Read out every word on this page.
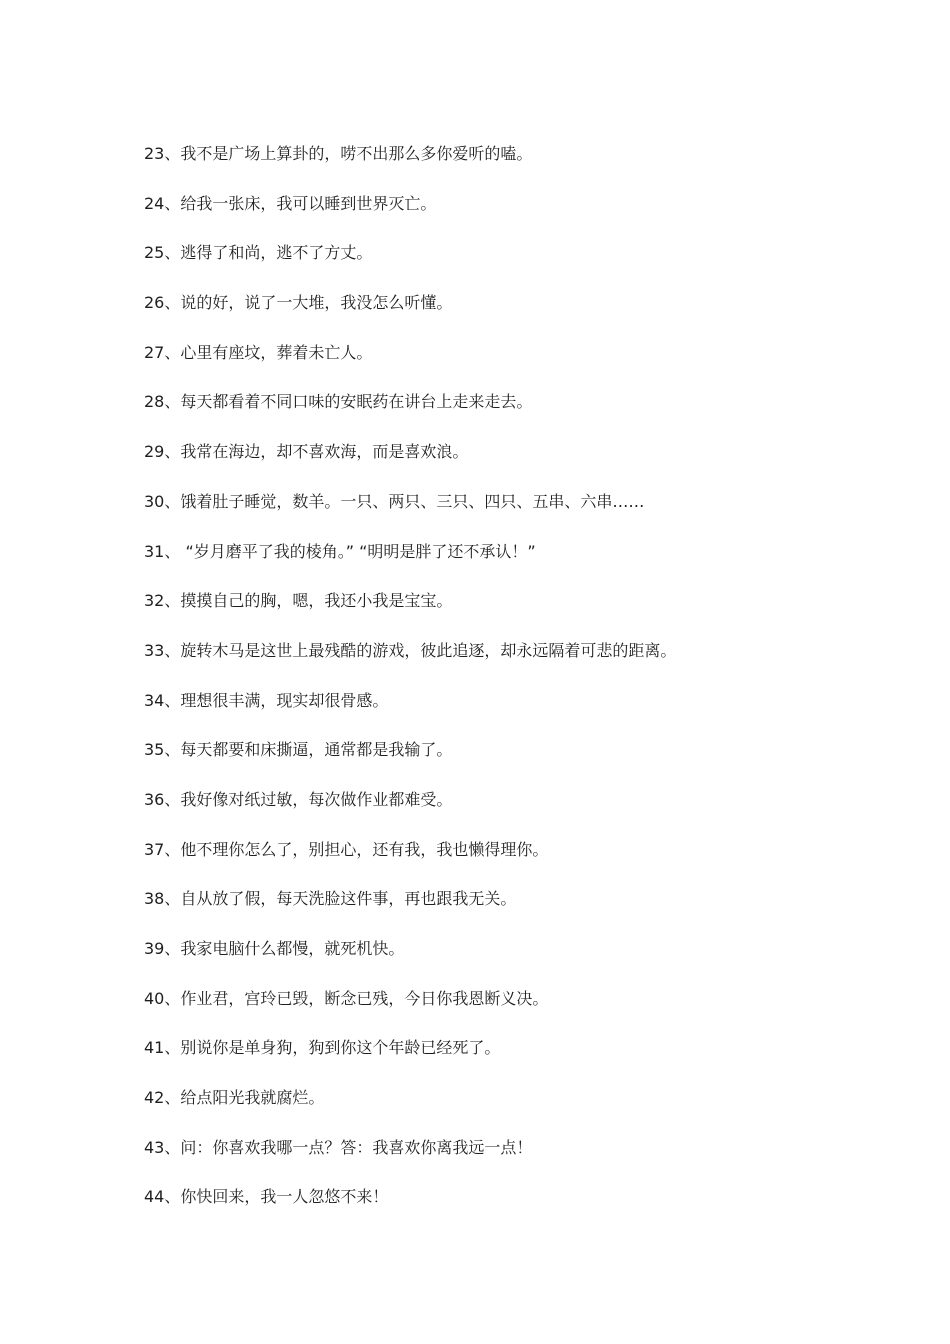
23、我不是广场上算卦的，唠不出那么多你爱听的嗑。
24、给我一张床，我可以睡到世界灭亡。
25、逃得了和尚，逃不了方丈。
26、说的好，说了一大堆，我没怎么听懂。
27、心里有座坟，葬着未亡人。
28、每天都看着不同口味的安眠药在讲台上走来走去。
29、我常在海边，却不喜欢海，而是喜欢浪。
30、饿着肚子睡觉，数羊。一只、两只、三只、四只、五串、六串……
31、 “岁月磨平了我的棱角。” “明明是胖了还不承认！”
32、摸摸自己的胸，嗯，我还小我是宝宝。
33、旋转木马是这世上最残酷的游戏，彼此追逐，却永远隔着可悲的距离。
34、理想很丰满，现实却很骨感。
35、每天都要和床撕逼，通常都是我输了。
36、我好像对纸过敏，每次做作业都难受。
37、他不理你怎么了，别担心，还有我，我也懒得理你。
38、自从放了假，每天洗脸这件事，再也跟我无关。
39、我家电脑什么都慢，就死机快。
40、作业君，宫玲已毁，断念已残，今日你我恩断义决。
41、别说你是单身狗，狗到你这个年龄已经死了。
42、给点阳光我就腐烂。
43、问：你喜欢我哪一点？答：我喜欢你离我远一点！
44、你快回来，我一人忽悠不来！
